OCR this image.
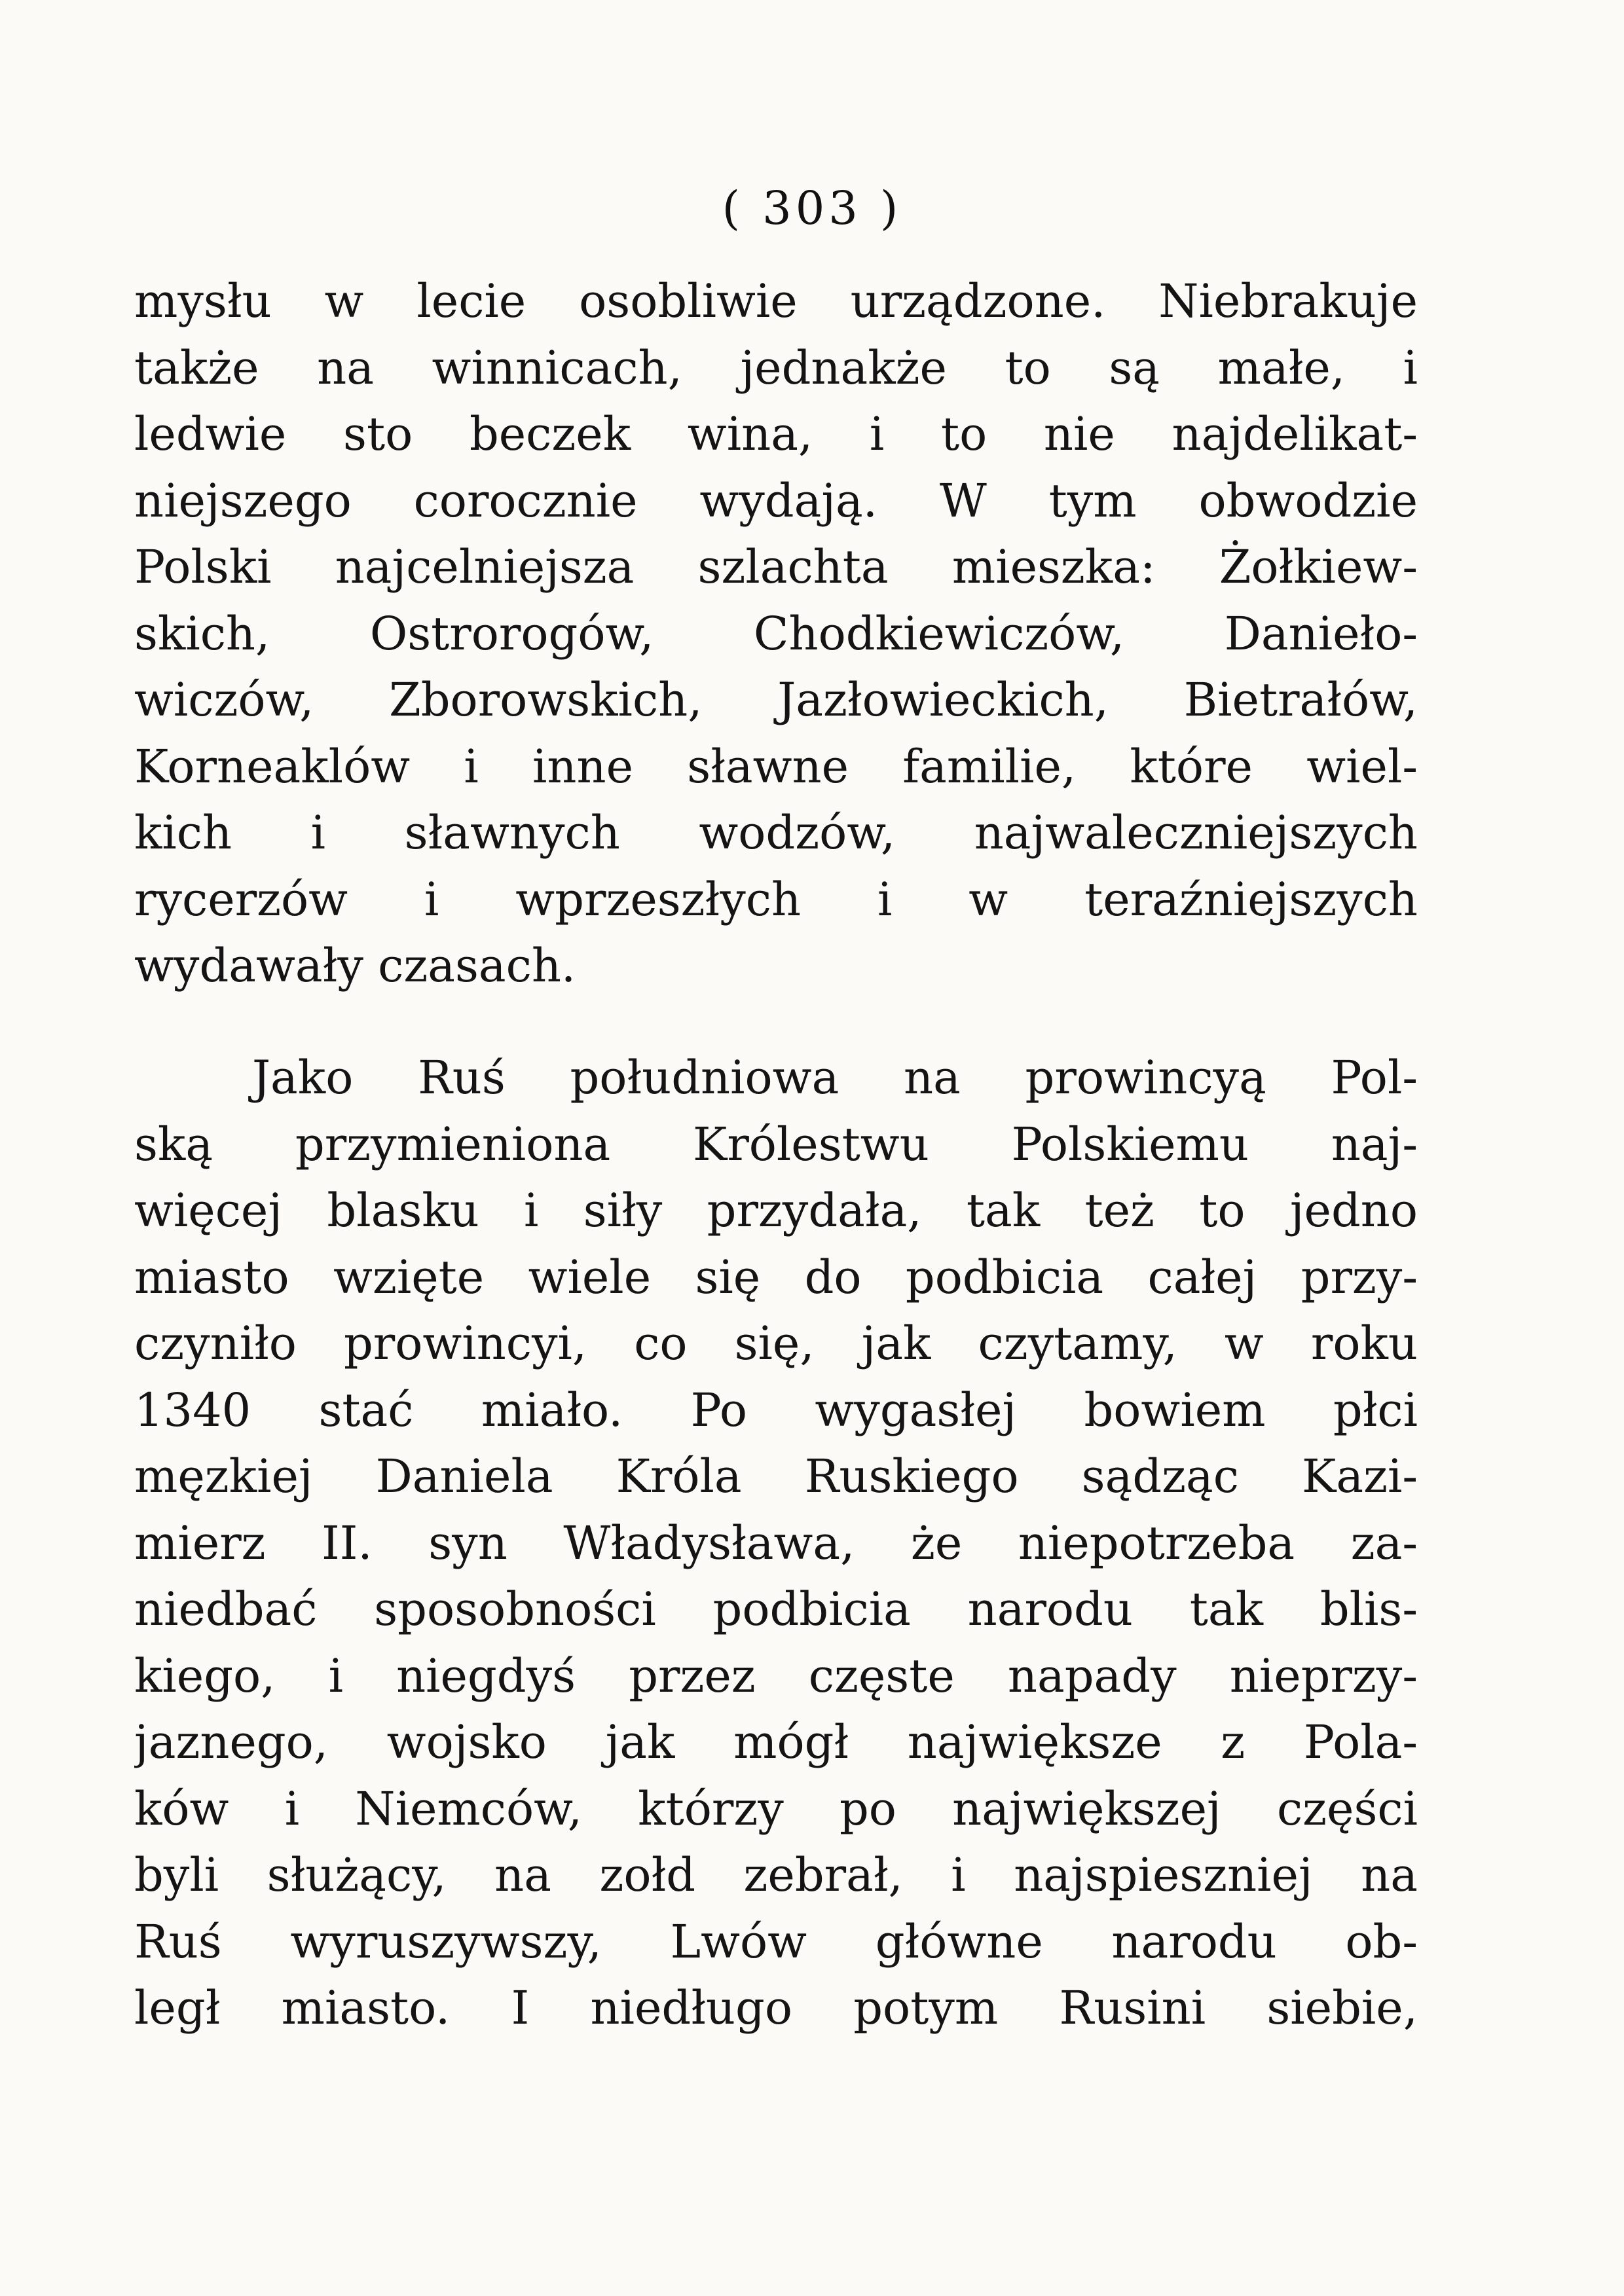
( 303 )
mysłu w lecie osobliwie urządzone. Niebrakuje
także na winnicach, jednakże to są małe, i
ledwie sto beczek wina, i to nie najdelikat-
niejszego corocznie wydają. W tym obwodzie
Polski najcelniejsza szlachta mieszka: Żołkiew-
skich, Ostrorogów, Chodkiewiczów, Danieło-
wiczów, Zborowskich, Jazłowieckich, Bietrałów,
Korneaklów i inne sławne familie, które wiel-
kich i sławnych wodzów, najwaleczniejszych
rycerzów i wprzeszłych i w teraźniejszych
wydawały czasach.
Jako Ruś południowa na prowincyą Pol-
ską przymieniona Królestwu Polskiemu naj-
więcej blasku i siły przydała, tak też to jedno
miasto wzięte wiele się do podbicia całej przy-
czyniło prowincyi, co się, jak czytamy, w roku
1340 stać miało. Po wygasłej bowiem płci
męzkiej Daniela Króla Ruskiego sądząc Kazi-
mierz II. syn Władysława, że niepotrzeba za-
niedbać sposobności podbicia narodu tak blis-
kiego, i niegdyś przez częste napady nieprzy-
jaznego, wojsko jak mógł największe z Pola-
ków i Niemców, którzy po największej części
byli służący, na zołd zebrał, i najspieszniej na
Ruś wyruszywszy, Lwów główne narodu ob-
legł miasto. I niedługo potym Rusini siebie,
